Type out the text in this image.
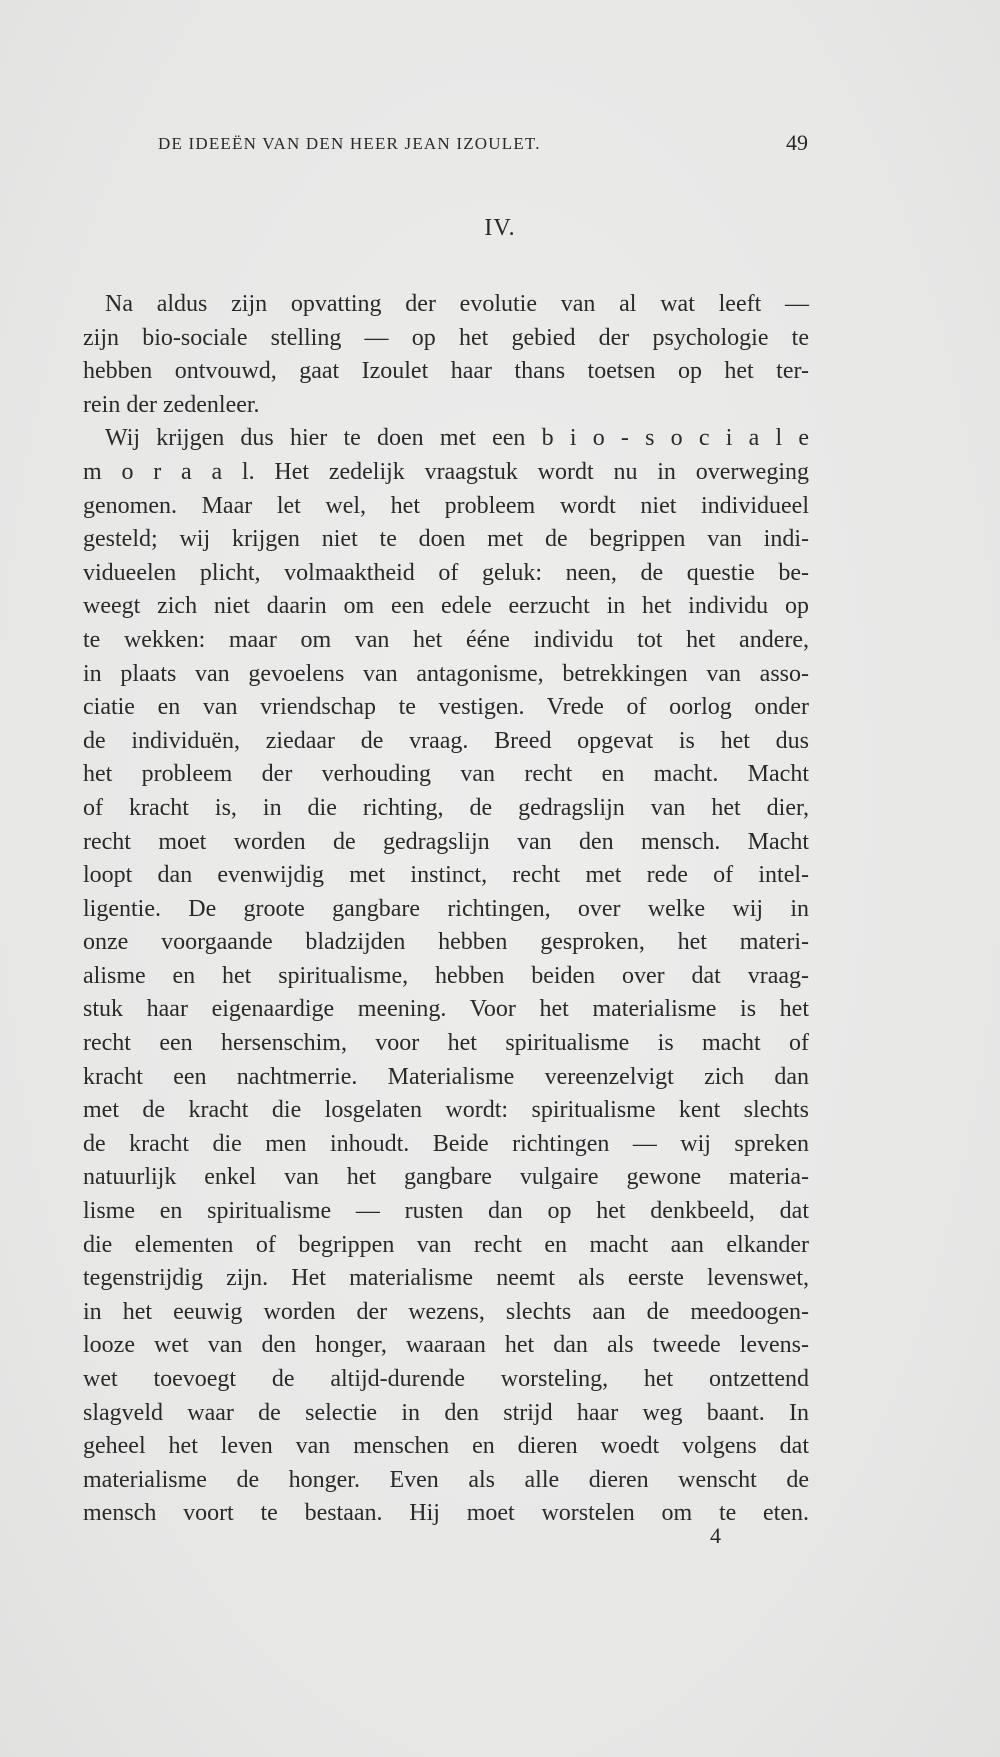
DE IDEEËN VAN DEN HEER JEAN IZOULET.	49
IV.
Na aldus zijn opvatting der evolutie van al wat leeft —
zijn bio-sociale stelling — op het gebied der psychologie te
hebben ontvouwd, gaat Izoulet haar thans toetsen op het ter-
rein der zedenleer.
Wij krijgen dus hier te doen met een b i o - s o c i a l e
m o r a a l. Het zedelijk vraagstuk wordt nu in overweging
genomen. Maar let wel, het probleem wordt niet individueel
gesteld; wij krijgen niet te doen met de begrippen van indi-
vidueelen plicht, volmaaktheid of geluk: neen, de questie be-
weegt zich niet daarin om een edele eerzucht in het individu op
te wekken: maar om van het ééne individu tot het andere,
in plaats van gevoelens van antagonisme, betrekkingen van asso-
ciatie en van vriendschap te vestigen. Vrede of oorlog onder
de individuën, ziedaar de vraag. Breed opgevat is het dus
het probleem der verhouding van recht en macht. Macht
of kracht is, in die richting, de gedragslijn van het dier,
recht moet worden de gedragslijn van den mensch. Macht
loopt dan evenwijdig met instinct, recht met rede of intel-
ligentie. De groote gangbare richtingen, over welke wij in
onze voorgaande bladzijden hebben gesproken, het materi-
alisme en het spiritualisme, hebben beiden over dat vraag-
stuk haar eigenaardige meening. Voor het materialisme is het
recht een hersenschim, voor het spiritualisme is macht of
kracht een nachtmerrie. Materialisme vereenzelvigt zich dan
met de kracht die losgelaten wordt: spiritualisme kent slechts
de kracht die men inhoudt. Beide richtingen — wij spreken
natuurlijk enkel van het gangbare vulgaire gewone materia-
lisme en spiritualisme — rusten dan op het denkbeeld, dat
die elementen of begrippen van recht en macht aan elkander
tegenstrijdig zijn. Het materialisme neemt als eerste levenswet,
in het eeuwig worden der wezens, slechts aan de meedoogen-
looze wet van den honger, waaraan het dan als tweede levens-
wet toevoegt de altijd-durende worsteling, het ontzettend
slagveld waar de selectie in den strijd haar weg baant. In
geheel het leven van menschen en dieren woedt volgens dat
materialisme de honger. Even als alle dieren wenscht de
mensch voort te bestaan. Hij moet worstelen om te eten.
4
